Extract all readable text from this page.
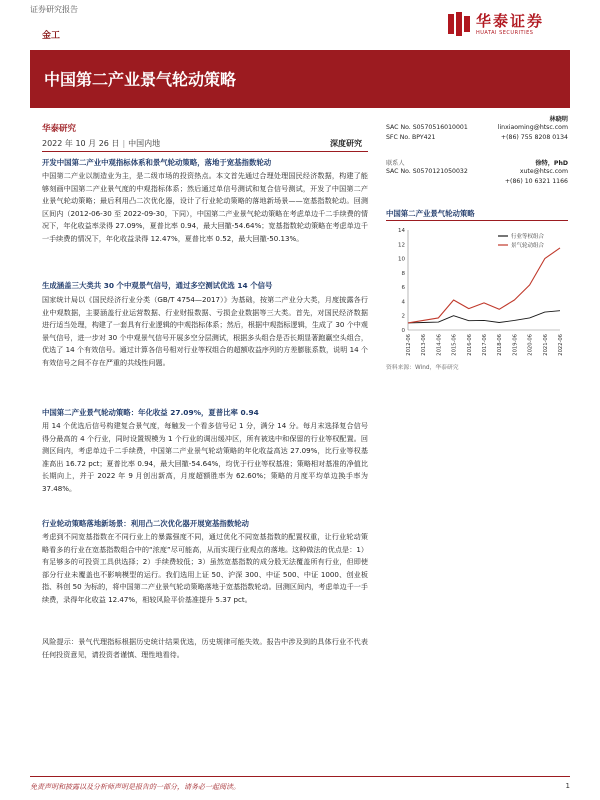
证券研究报告
金工
华泰证券
HUATAI SECURITIES
中国第二产业景气轮动策略
华泰研究
2022 年 10 月 26 日 | 中国内地	深度研究
开发中国第二产业中观指标体系和景气轮动策略，落地于宽基指数轮动
中国第二产业以制造业为主，是二级市场的投资热点。本文首先通过合理处理国民经济数据，构建了能够刻画中国第二产业景气度的中观指标体系；然后通过单信号测试和复合信号测试，开发了中国第二产业景气轮动策略；最后利用凸二次优化器，设计了行业轮动策略的落地新场景——宽基指数轮动。回测区间内（2012-06-30 至 2022-09-30，下同），中国第二产业景气轮动策略在考虑单边千二手续费的情况下，年化收益率录得 27.09%，夏普比率 0.94，最大回撤-54.64%；宽基指数轮动策略在考虑单边千一手续费的情况下，年化收益录得 12.47%，夏普比率 0.52，最大回撤-50.13%。
生成涵盖三大类共 30 个中观景气信号，通过多空测试优选 14 个信号
国家统计局以《国民经济行业分类（GB/T 4754—2017）》为基础，按第二产业分大类，月度披露各行业中观数据，主要涵盖行业运营数据、行业财报数据、亏损企业数据等三大类。首先，对国民经济数据进行适当处理，构建了一套具有行业逻辑的中观指标体系；然后，根据中观指标逻辑，生成了 30 个中观景气信号，进一步对 30 个中观景气信号开展多空分层测试，根据多头组合是否长期显著跑赢空头组合，优选了 14 个有效信号。通过计算各信号相对行业等权组合的超额收益序列的方差膨胀系数，说明 14 个有效信号之间不存在严重的共线性问题。
中国第二产业景气轮动策略：年化收益 27.09%，夏普比率 0.94
用 14 个优选后信号构建复合景气度，每触发一个看多信号记 1 分，满分 14 分。每月末选择复合信号得分最高的 4 个行业，同时设置规模为 1 个行业的调出缓冲区，所有被选中和保留的行业等权配置。回测区间内，考虑单边千二手续费，中国第二产业景气轮动策略的年化收益高达 27.09%，比行业等权基准高出 16.72 pct；夏普比率 0.94，最大回撤-54.64%，均优于行业等权基准；策略相对基准的净值比长期向上，并于 2022 年 9 月创出新高，月度超额胜率为 62.60%；策略的月度平均单边换手率为 37.48%。
行业轮动策略落地新场景：利用凸二次优化器开展宽基指数轮动
考虑到不同宽基指数在不同行业上的暴露强度不同，通过优化不同宽基指数的配置权重，让行业轮动策略看多的行业在宽基指数组合中的“浓度”尽可能高，从而实现行业观点的落地。这种做法的优点是：1）有足够多的可投资工具供选择；2）手续费较低；3）虽然宽基指数的成分股无法覆盖所有行业，但即使部分行业未覆盖也不影响模型的运行。我们选用上证 50、沪深 300、中证 500、中证 1000、创业板指、科创 50 为标的，将中国第二产业景气轮动策略落地于宽基指数轮动。回测区间内，考虑单边千一手续费，录得年化收益 12.47%，相较风险平价基准提升 5.37 pct。
风险提示：景气代理指标根据历史统计结果优选，历史规律可能失效。报告中涉及到的具体行业不代表任何投资意见，请投资者谨慎、理性地看待。
林晓明
SAC No. S0570516010001	linxiaoming@htsc.com
SFC No. BPY421	+(86) 755 8208 0134
联系人	徐特，PhD
SAC No. S0570121050032	xute@htsc.com
+(86) 10 6321 1166
中国第二产业景气轮动策略
0
2
4
6
8
10
12
14
2012-06 2013-06 2014-06 2015-06 2016-06 2017-06 2018-06 2019-06 2020-06 2021-06 2022-06
行业等权组合
景气轮动组合
资料来源：Wind，华泰研究
免责声明和披露以及分析师声明是报告的一部分，请务必一起阅读。	1
